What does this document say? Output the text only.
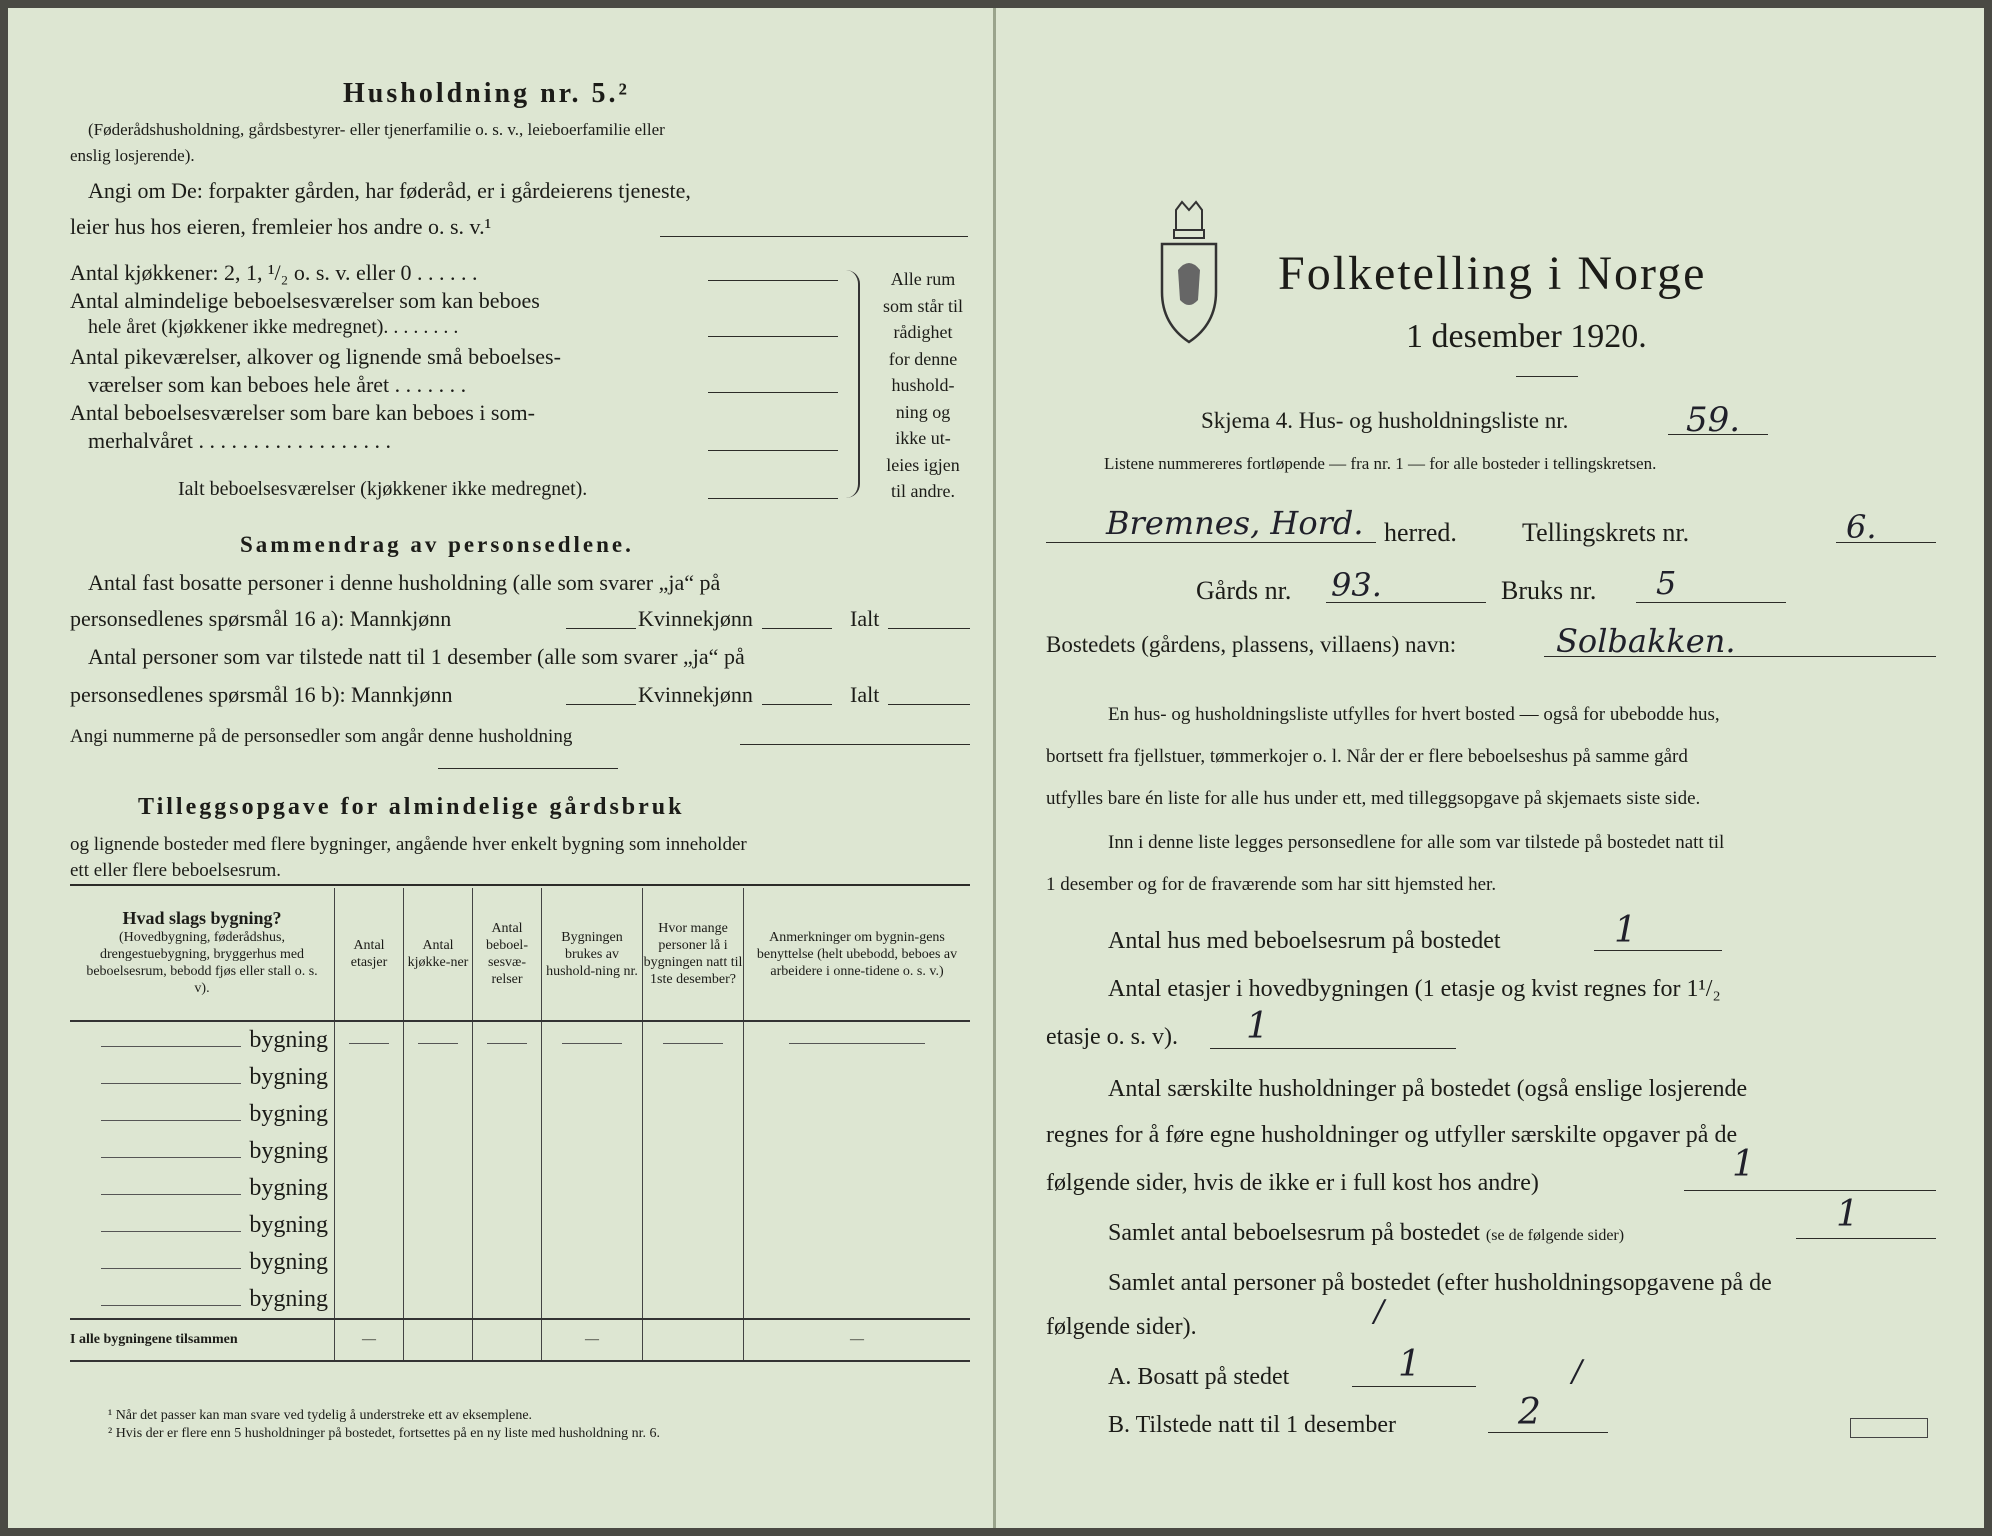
Husholdning nr. 5.²
(Føderådshusholdning, gårdsbestyrer- eller tjenerfamilie o. s. v., leieboerfamilie eller
enslig losjerende).
Angi om De: forpakter gården, har føderåd, er i gårdeierens tjeneste,
leier hus hos eieren, fremleier hos andre o. s. v.¹
Antal kjøkkener: 2, 1, ¹/₂ o. s. v. eller 0 . . . . . .
Antal almindelige beboelsesværelser som kan beboes
hele året (kjøkkener ikke medregnet). . . . . . . .
Antal pikeværelser, alkover og lignende små beboelses-
værelser som kan beboes hele året . . . . . . .
Antal beboelsesværelser som bare kan beboes i som-
merhalvåret . . . . . . . . . . . . . . . . . .
Ialt beboelsesværelser (kjøkkener ikke medregnet).
Alle rum
som står til
rådighet
for denne
hushold-
ning og
ikke ut-
leies igjen
til andre.
Sammendrag av personsedlene.
Antal fast bosatte personer i denne husholdning (alle som svarer „ja“ på
personsedlenes spørsmål 16 a): Mannkjønn	Kvinnekjønn	Ialt
Antal personer som var tilstede natt til 1 desember (alle som svarer „ja“ på
personsedlenes spørsmål 16 b): Mannkjønn	Kvinnekjønn	Ialt
Angi nummerne på de personsedler som angår denne husholdning
Tilleggsopgave for almindelige gårdsbruk
og lignende bosteder med flere bygninger, angående hver enkelt bygning som inneholder
ett eller flere beboelsesrum.
Hvad slags bygning?
(Hovedbygning, føderådshus, drengestuebygning, bryggerhus med beboelsesrum, bebodd fjøs eller stall o. s. v).	Antal etasjer	Antal kjøkke-ner	Antal beboel-sesvæ-relser	Bygningen brukes av hushold-ning nr.	Hvor mange personer lå i bygningen natt til 1ste desember?	Anmerkninger om bygnin-gens benyttelse (helt ubebodd, beboes av arbeidere i onne-tidene o. s. v.)
bygning						
bygning						
bygning						
bygning						
bygning						
bygning						
bygning						
bygning						
I alle bygningene tilsammen	—			—		—
¹ Når det passer kan man svare ved tydelig å understreke ett av eksemplene.
² Hvis der er flere enn 5 husholdninger på bostedet, fortsettes på en ny liste med husholdning nr. 6.
Folketelling i Norge
1 desember 1920.
Skjema 4. Hus- og husholdningsliste nr.	59.
Listene nummereres fortløpende — fra nr. 1 — for alle bosteder i tellingskretsen.
Bremnes, Hord. herred.	Tellingskrets nr.	6.
Gårds nr. 93.	Bruks nr. 5
Bostedets (gårdens, plassens, villaens) navn:	Solbakken.
En hus- og husholdningsliste utfylles for hvert bosted — også for ubebodde hus,
bortsett fra fjellstuer, tømmerkojer o. l. Når der er flere beboelseshus på samme gård
utfylles bare én liste for alle hus under ett, med tilleggsopgave på skjemaets siste side.
Inn i denne liste legges personsedlene for alle som var tilstede på bostedet natt til
1 desember og for de fraværende som har sitt hjemsted her.
Antal hus med beboelsesrum på bostedet	1
Antal etasjer i hovedbygningen (1 etasje og kvist regnes for 1¹/₂
etasje o. s. v). 1
Antal særskilte husholdninger på bostedet (også enslige losjerende
regnes for å føre egne husholdninger og utfyller særskilte opgaver på de
følgende sider, hvis de ikke er i full kost hos andre)	1
Samlet antal beboelsesrum på bostedet (se de følgende sider)
1
Samlet antal personer på bostedet (efter husholdningsopgavene på de
følgende sider).	/
A. Bosatt på stedet	1
B. Tilstede natt til 1 desember	2
/
